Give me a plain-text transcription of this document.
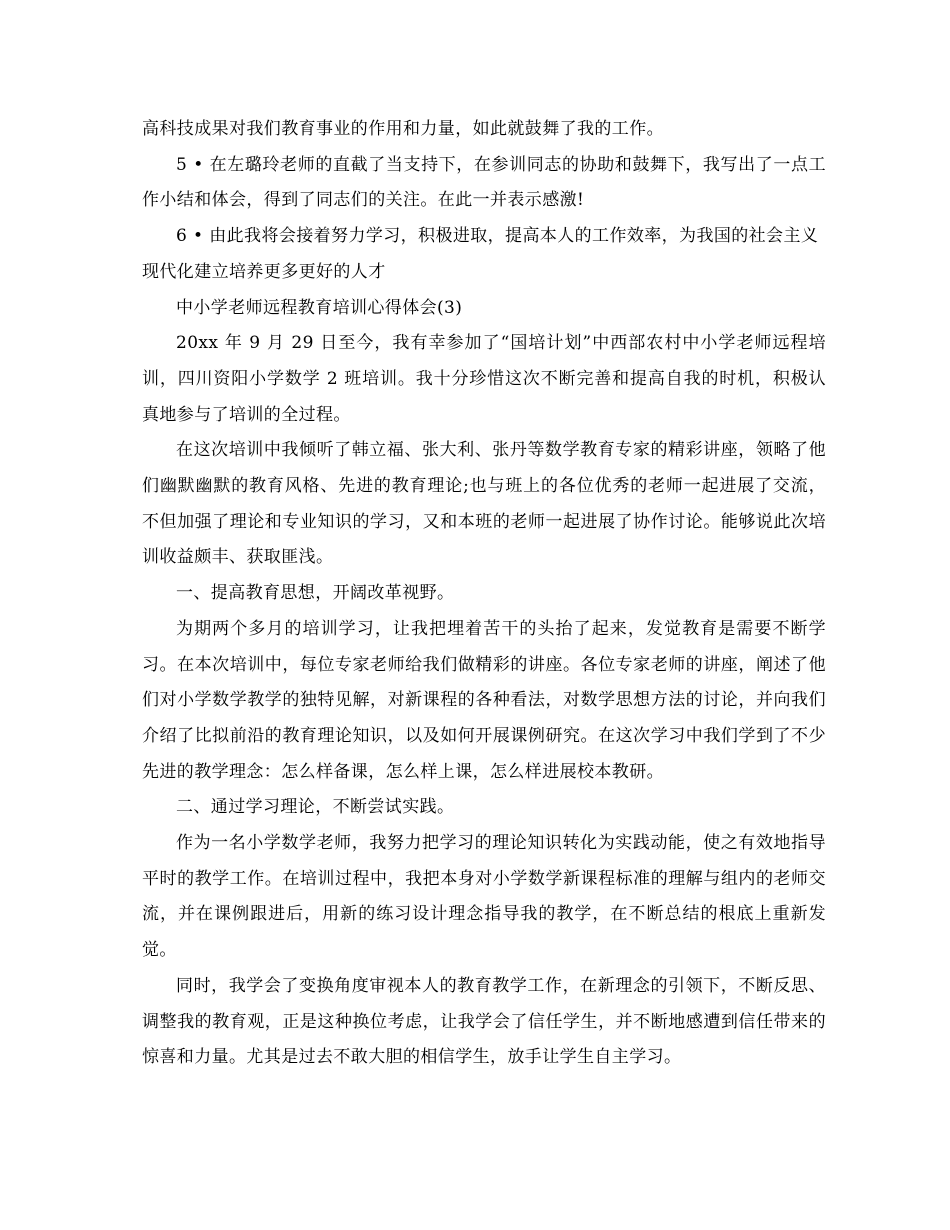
高科技成果对我们教育事业的作用和力量，如此就鼓舞了我的工作。

5 • 在左璐玲老师的直截了当支持下，在参训同志的协助和鼓舞下，我写出了一点工作小结和体会，得到了同志们的关注。在此一并表示感激!

6 • 由此我将会接着努力学习，积极进取，提高本人的工作效率，为我国的社会主义现代化建立培养更多更好的人才

中小学老师远程教育培训心得体会(3)

20xx 年 9 月 29 日至今，我有幸参加了“国培计划”中西部农村中小学老师远程培训，四川资阳小学数学 2 班培训。我十分珍惜这次不断完善和提高自我的时机，积极认真地参与了培训的全过程。

在这次培训中我倾听了韩立福、张大利、张丹等数学教育专家的精彩讲座，领略了他们幽默幽默的教育风格、先进的教育理论;也与班上的各位优秀的老师一起进展了交流，不但加强了理论和专业知识的学习，又和本班的老师一起进展了协作讨论。能够说此次培训收益颇丰、获取匪浅。

一、提高教育思想，开阔改革视野。

为期两个多月的培训学习，让我把埋着苦干的头抬了起来，发觉教育是需要不断学习。在本次培训中，每位专家老师给我们做精彩的讲座。各位专家老师的讲座，阐述了他们对小学数学教学的独特见解，对新课程的各种看法，对数学思想方法的讨论，并向我们介绍了比拟前沿的教育理论知识，以及如何开展课例研究。在这次学习中我们学到了不少先进的教学理念：怎么样备课，怎么样上课，怎么样进展校本教研。

二、通过学习理论，不断尝试实践。

作为一名小学数学老师，我努力把学习的理论知识转化为实践动能，使之有效地指导平时的教学工作。在培训过程中，我把本身对小学数学新课程标准的理解与组内的老师交流，并在课例跟进后，用新的练习设计理念指导我的教学，在不断总结的根底上重新发觉。

同时，我学会了变换角度审视本人的教育教学工作，在新理念的引领下，不断反思、调整我的教育观，正是这种换位考虑，让我学会了信任学生，并不断地感遭到信任带来的惊喜和力量。尤其是过去不敢大胆的相信学生，放手让学生自主学习。
